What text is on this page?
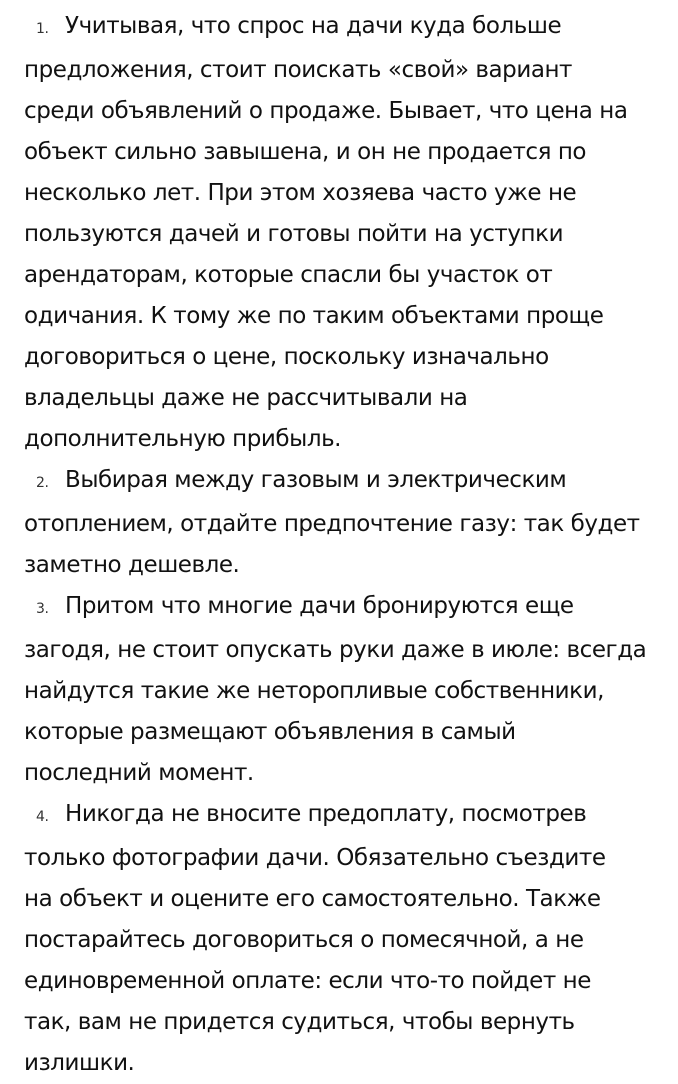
1. Учитывая, что спрос на дачи куда больше
предложения, стоит поискать «свой» вариант
среди объявлений о продаже. Бывает, что цена на
объект сильно завышена, и он не продается по
несколько лет. При этом хозяева часто уже не
пользуются дачей и готовы пойти на уступки
арендаторам, которые спасли бы участок от
одичания. К тому же по таким объектами проще
договориться о цене, поскольку изначально
владельцы даже не рассчитывали на
дополнительную прибыль.

2. Выбирая между газовым и электрическим
отоплением, отдайте предпочтение газу: так будет
заметно дешевле.

3. Притом что многие дачи бронируются еще
загодя, не стоит опускать руки даже в июле: всегда
найдутся такие же неторопливые собственники,
которые размещают объявления в самый
последний момент.

4. Никогда не вносите предоплату, посмотрев
только фотографии дачи. Обязательно съездите
на объект и оцените его самостоятельно. Также
постарайтесь договориться о помесячной, а не
единовременной оплате: если что-то пойдет не
так, вам не придется судиться, чтобы вернуть
излишки.
